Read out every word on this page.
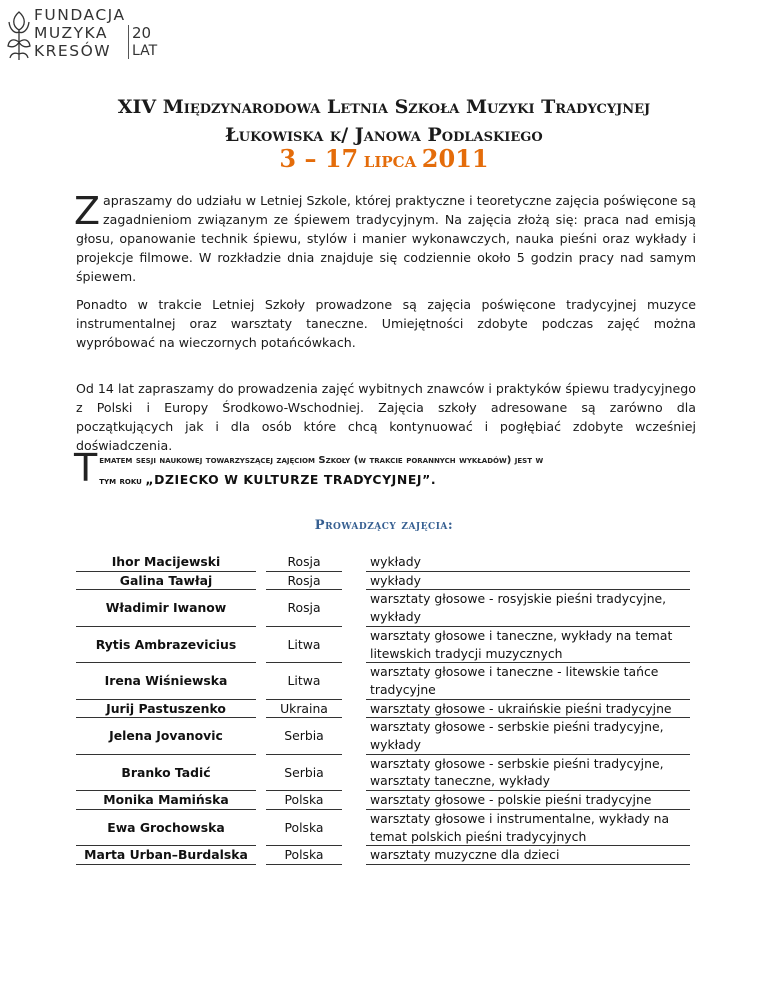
FUNDACJA
MUZYKA
KRESÓW
20
LAT
XIV Międzynarodowa Letnia Szkoła Muzyki Tradycyjnej
Łukowiska k/ Janowa Podlaskiego
3 – 17 LIPCA 2011

Zapraszamy do udziału w Letniej Szkole, której praktyczne i teoretyczne zajęcia poświęcone są zagadnieniom związanym ze śpiewem tradycyjnym. Na zajęcia złożą się: praca nad emisją głosu, opanowanie technik śpiewu, stylów i manier wykonawczych, nauka pieśni oraz wykłady i projekcje filmowe. W rozkładzie dnia znajduje się codziennie około 5 godzin pracy nad samym śpiewem.

Ponadto w trakcie Letniej Szkoły prowadzone są zajęcia poświęcone tradycyjnej muzyce instrumentalnej oraz warsztaty taneczne. Umiejętności zdobyte podczas zajęć można wypróbować na wieczornych potańcówkach.

Od 14 lat zapraszamy do prowadzenia zajęć wybitnych znawców i praktyków śpiewu tradycyjnego z Polski i Europy Środkowo-Wschodniej. Zajęcia szkoły adresowane są zarówno dla początkujących jak i dla osób które chcą kontynuować i pogłębiać zdobyte wcześniej doświadczenia.

T ematem sesji naukowej towarzyszącej zajęciom Szkoły (w trakcie porannych wykładów) jest w
tym roku „DZIECKO W KULTURZE TRADYCYJNEJ”.
Prowadzący zajęcia:
Ihor Macijewski		Rosja		wykłady

Galina Tawłaj		Rosja		wykłady

Władimir Iwanow		Rosja		warsztaty głosowe - rosyjskie pieśni tradycyjne,
wykłady

Rytis Ambrazevicius		Litwa		warsztaty głosowe i taneczne, wykłady na temat
litewskich tradycji muzycznych

Irena Wiśniewska		Litwa		warsztaty głosowe i taneczne - litewskie tańce
tradycyjne

Jurij Pastuszenko		Ukraina		warsztaty głosowe - ukraińskie pieśni tradycyjne

Jelena Jovanovic		Serbia		warsztaty głosowe - serbskie pieśni tradycyjne,
wykłady

Branko Tadić		Serbia		warsztaty głosowe - serbskie pieśni tradycyjne,
warsztaty taneczne, wykłady

Monika Mamińska		Polska		warsztaty głosowe - polskie pieśni tradycyjne

Ewa Grochowska		Polska		warsztaty głosowe i instrumentalne, wykłady na
temat polskich pieśni tradycyjnych

Marta Urban–Burdalska		Polska		warsztaty muzyczne dla dzieci
